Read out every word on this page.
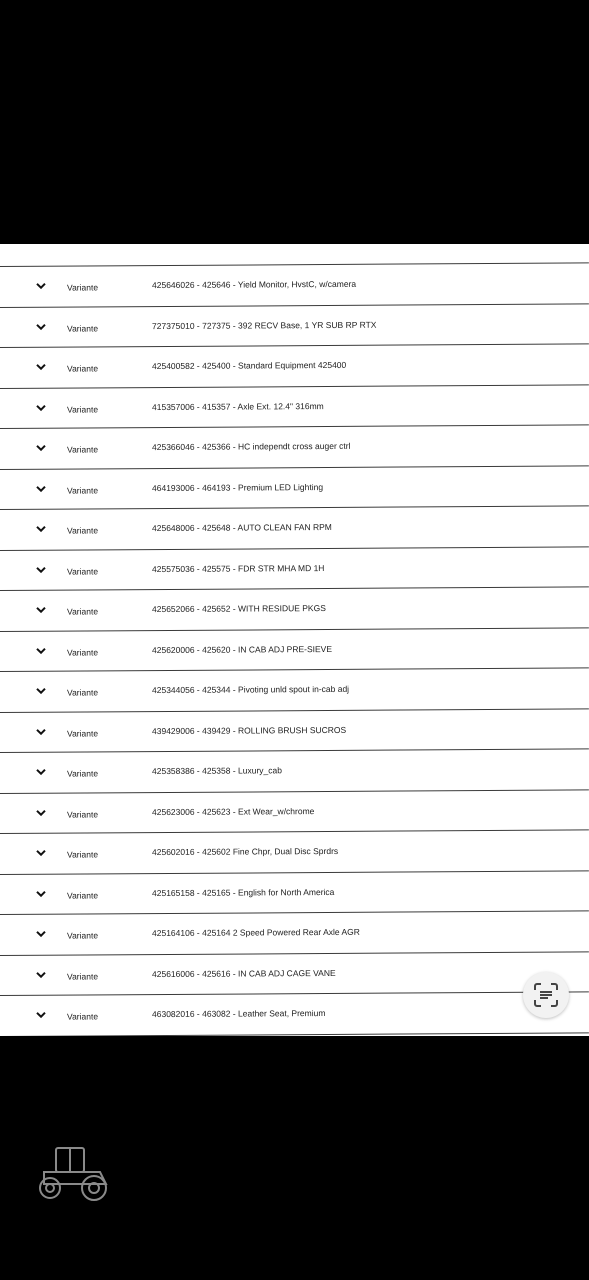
Variante	425646026 - 425646 - Yield Monitor, HvstC, w/camera
Variante	727375010 - 727375 - 392 RECV Base, 1 YR SUB RP RTX
Variante	425400582 - 425400 - Standard Equipment 425400
Variante	415357006 - 415357 - Axle Ext. 12.4" 316mm
Variante	425366046 - 425366 - HC independt cross auger ctrl
Variante	464193006 - 464193 - Premium LED Lighting
Variante	425648006 - 425648 - AUTO CLEAN FAN RPM
Variante	425575036 - 425575 - FDR STR MHA MD 1H
Variante	425652066 - 425652 - WITH RESIDUE PKGS
Variante	425620006 - 425620 - IN CAB ADJ PRE-SIEVE
Variante	425344056 - 425344 - Pivoting unld spout in-cab adj
Variante	439429006 - 439429 - ROLLING BRUSH SUCROS
Variante	425358386 - 425358 - Luxury_cab
Variante	425623006 - 425623 - Ext Wear_w/chrome
Variante	425602016 - 425602 Fine Chpr, Dual Disc Sprdrs
Variante	425165158 - 425165 - English for North America
Variante	425164106 - 425164 2 Speed Powered Rear Axle AGR
Variante	425616006 - 425616 - IN CAB ADJ CAGE VANE
Variante	463082016 - 463082 - Leather Seat, Premium
